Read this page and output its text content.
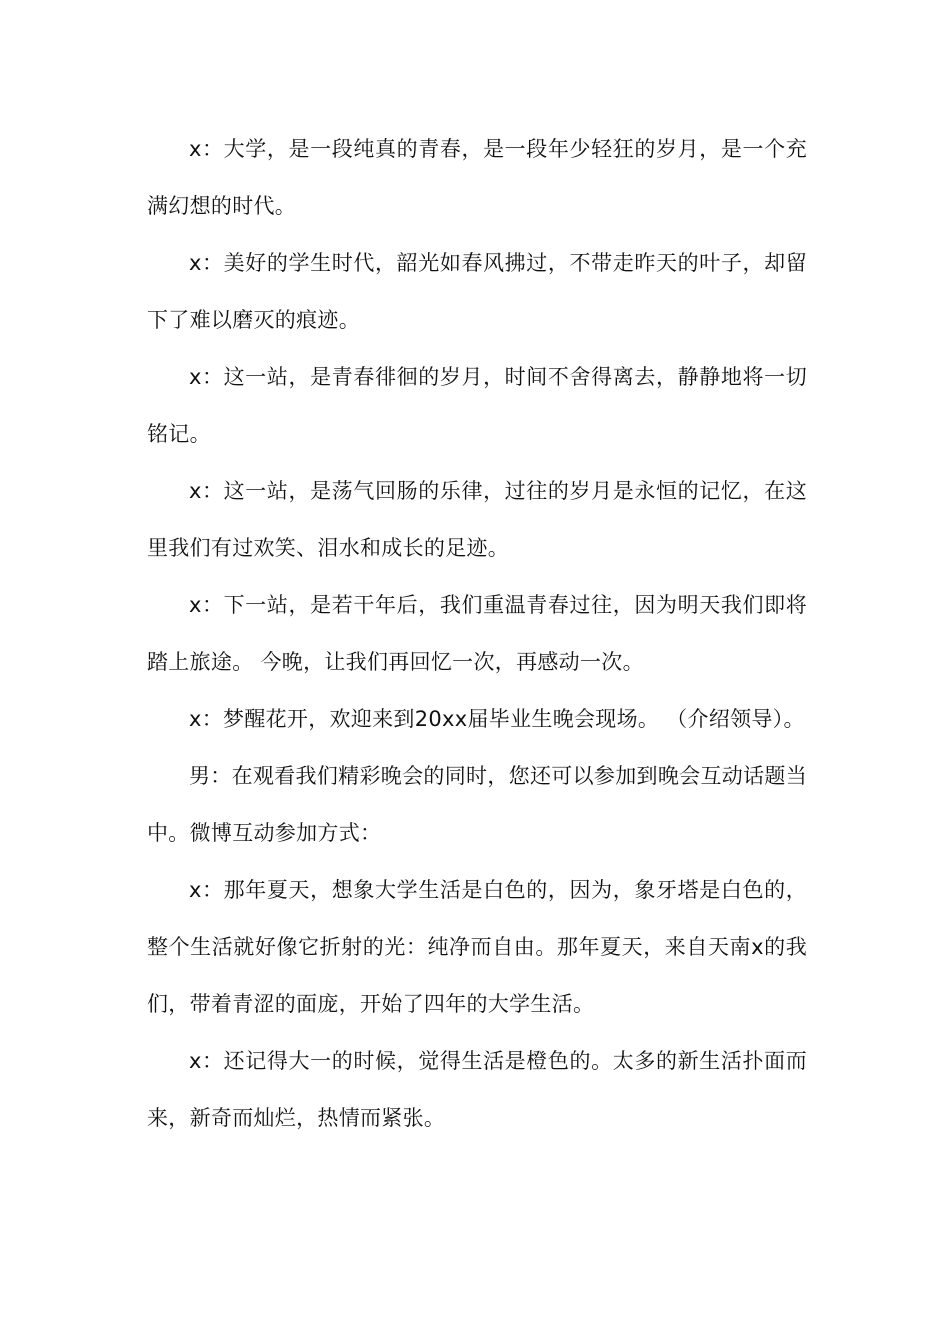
x：大学，是一段纯真的青春，是一段年少轻狂的岁月，是一个充满幻想的时代。

x：美好的学生时代，韶光如春风拂过，不带走昨天的叶子，却留下了难以磨灭的痕迹。

x：这一站，是青春徘徊的岁月，时间不舍得离去，静静地将一切铭记。

x：这一站，是荡气回肠的乐律，过往的岁月是永恒的记忆，在这里我们有过欢笑、泪水和成长的足迹。

x：下一站，是若干年后，我们重温青春过往，因为明天我们即将踏上旅途。 今晚，让我们再回忆一次，再感动一次。

x：梦醒花开，欢迎来到20xx届毕业生晚会现场。 （介绍领导）。

男：在观看我们精彩晚会的同时，您还可以参加到晚会互动话题当中。微博互动参加方式：

x：那年夏天，想象大学生活是白色的，因为，象牙塔是白色的，整个生活就好像它折射的光：纯净而自由。那年夏天，来自天南x的我们，带着青涩的面庞，开始了四年的大学生活。

x：还记得大一的时候，觉得生活是橙色的。太多的新生活扑面而来，新奇而灿烂，热情而紧张。
